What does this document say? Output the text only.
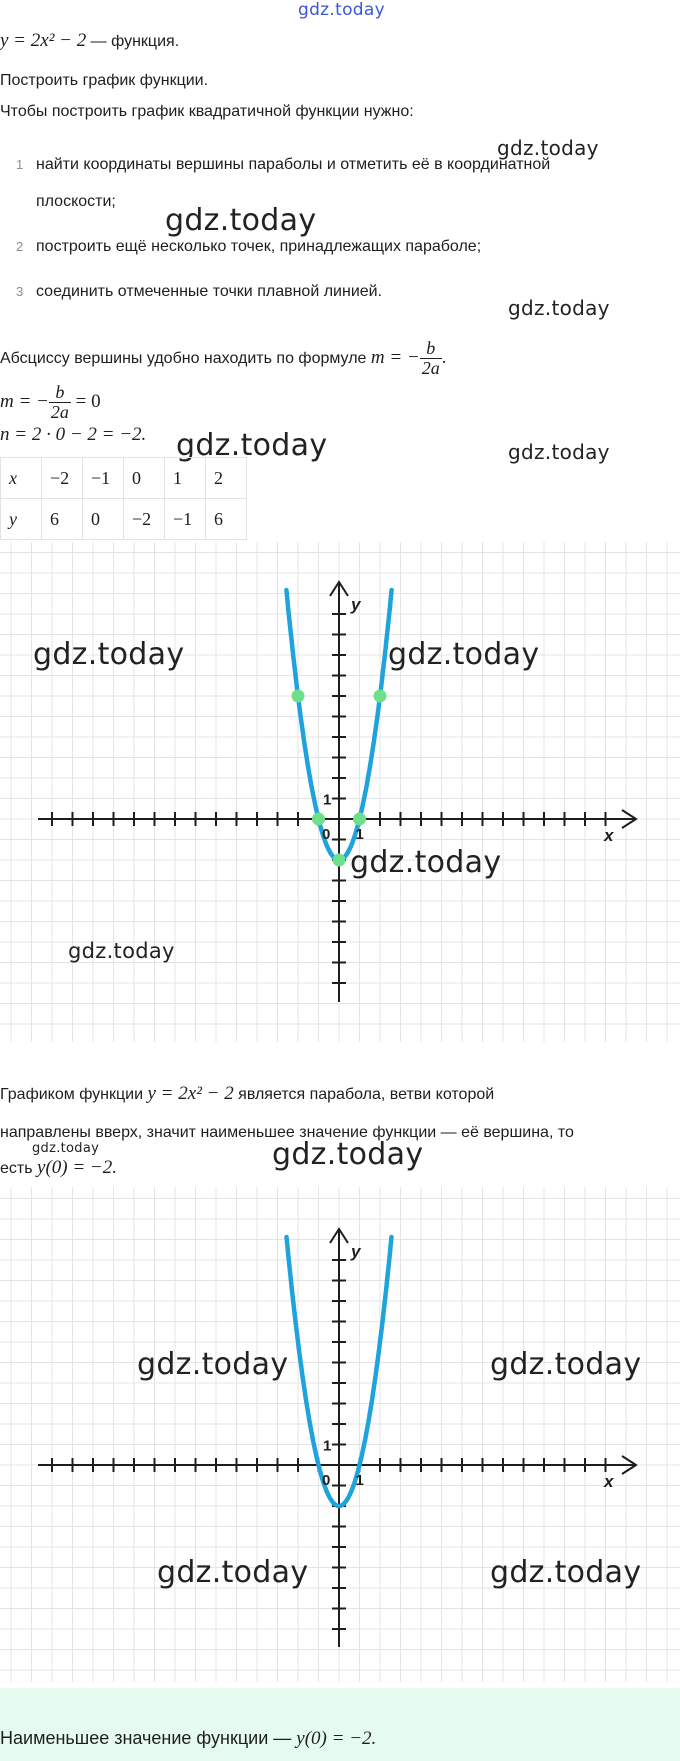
gdz.today
y = 2x² − 2 — функция.
Построить график функции.
Чтобы построить график квадратичной функции нужно:
gdz.today
1 найти координаты вершины параболы и отметить её в координатной
плоскости;
gdz.today
2 построить ещё несколько точек, принадлежащих параболе;
3 соединить отмеченные точки плавной линией.
gdz.today
Абсциссу вершины удобно находить по формуле m = − $\frac{b}{2a}$ .
m = − $\frac{b}{2a} = 0$
n = 2 · 0 − 2 = −2. gdz.today	gdz.today
x	−2	−1	0	1	2
y	6	0	−2	−1	6
x
y
0 1
1
gdz.today	gdz.today
gdz.today
gdz.today
Графиком функции y = 2x² − 2 является парабола, ветви которой
направлены вверх, значит наименьшее значение функции — её вершина, то
gdz.today	gdz.today
есть y(0) = −2.
x
y
0 1
1
gdz.today	gdz.today
gdz.today	gdz.today
Наименьшее значение функции — y(0) = −2.
